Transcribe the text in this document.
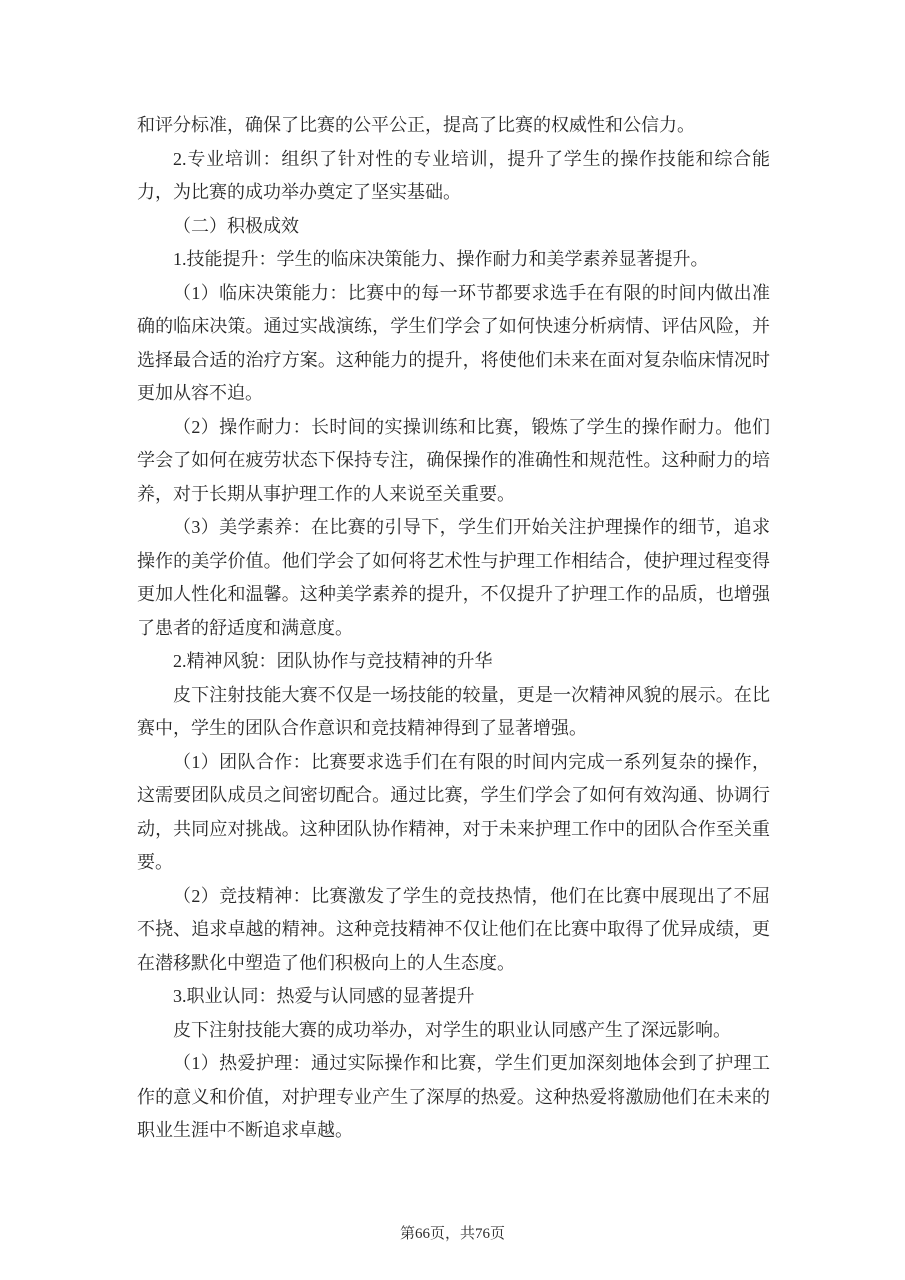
和评分标准，确保了比赛的公平公正，提高了比赛的权威性和公信力。

2.专业培训：组织了针对性的专业培训，提升了学生的操作技能和综合能力，为比赛的成功举办奠定了坚实基础。

（二）积极成效

1.技能提升：学生的临床决策能力、操作耐力和美学素养显著提升。

（1）临床决策能力：比赛中的每一环节都要求选手在有限的时间内做出准确的临床决策。通过实战演练，学生们学会了如何快速分析病情、评估风险，并选择最合适的治疗方案。这种能力的提升，将使他们未来在面对复杂临床情况时更加从容不迫。

（2）操作耐力：长时间的实操训练和比赛，锻炼了学生的操作耐力。他们学会了如何在疲劳状态下保持专注，确保操作的准确性和规范性。这种耐力的培养，对于长期从事护理工作的人来说至关重要。

（3）美学素养：在比赛的引导下，学生们开始关注护理操作的细节，追求操作的美学价值。他们学会了如何将艺术性与护理工作相结合，使护理过程变得更加人性化和温馨。这种美学素养的提升，不仅提升了护理工作的品质，也增强了患者的舒适度和满意度。

2.精神风貌：团队协作与竞技精神的升华

皮下注射技能大赛不仅是一场技能的较量，更是一次精神风貌的展示。在比赛中，学生的团队合作意识和竞技精神得到了显著增强。

（1）团队合作：比赛要求选手们在有限的时间内完成一系列复杂的操作，这需要团队成员之间密切配合。通过比赛，学生们学会了如何有效沟通、协调行动，共同应对挑战。这种团队协作精神，对于未来护理工作中的团队合作至关重要。

（2）竞技精神：比赛激发了学生的竞技热情，他们在比赛中展现出了不屈不挠、追求卓越的精神。这种竞技精神不仅让他们在比赛中取得了优异成绩，更在潜移默化中塑造了他们积极向上的人生态度。

3.职业认同：热爱与认同感的显著提升

皮下注射技能大赛的成功举办，对学生的职业认同感产生了深远影响。

（1）热爱护理：通过实际操作和比赛，学生们更加深刻地体会到了护理工作的意义和价值，对护理专业产生了深厚的热爱。这种热爱将激励他们在未来的职业生涯中不断追求卓越。

第66页，共76页
